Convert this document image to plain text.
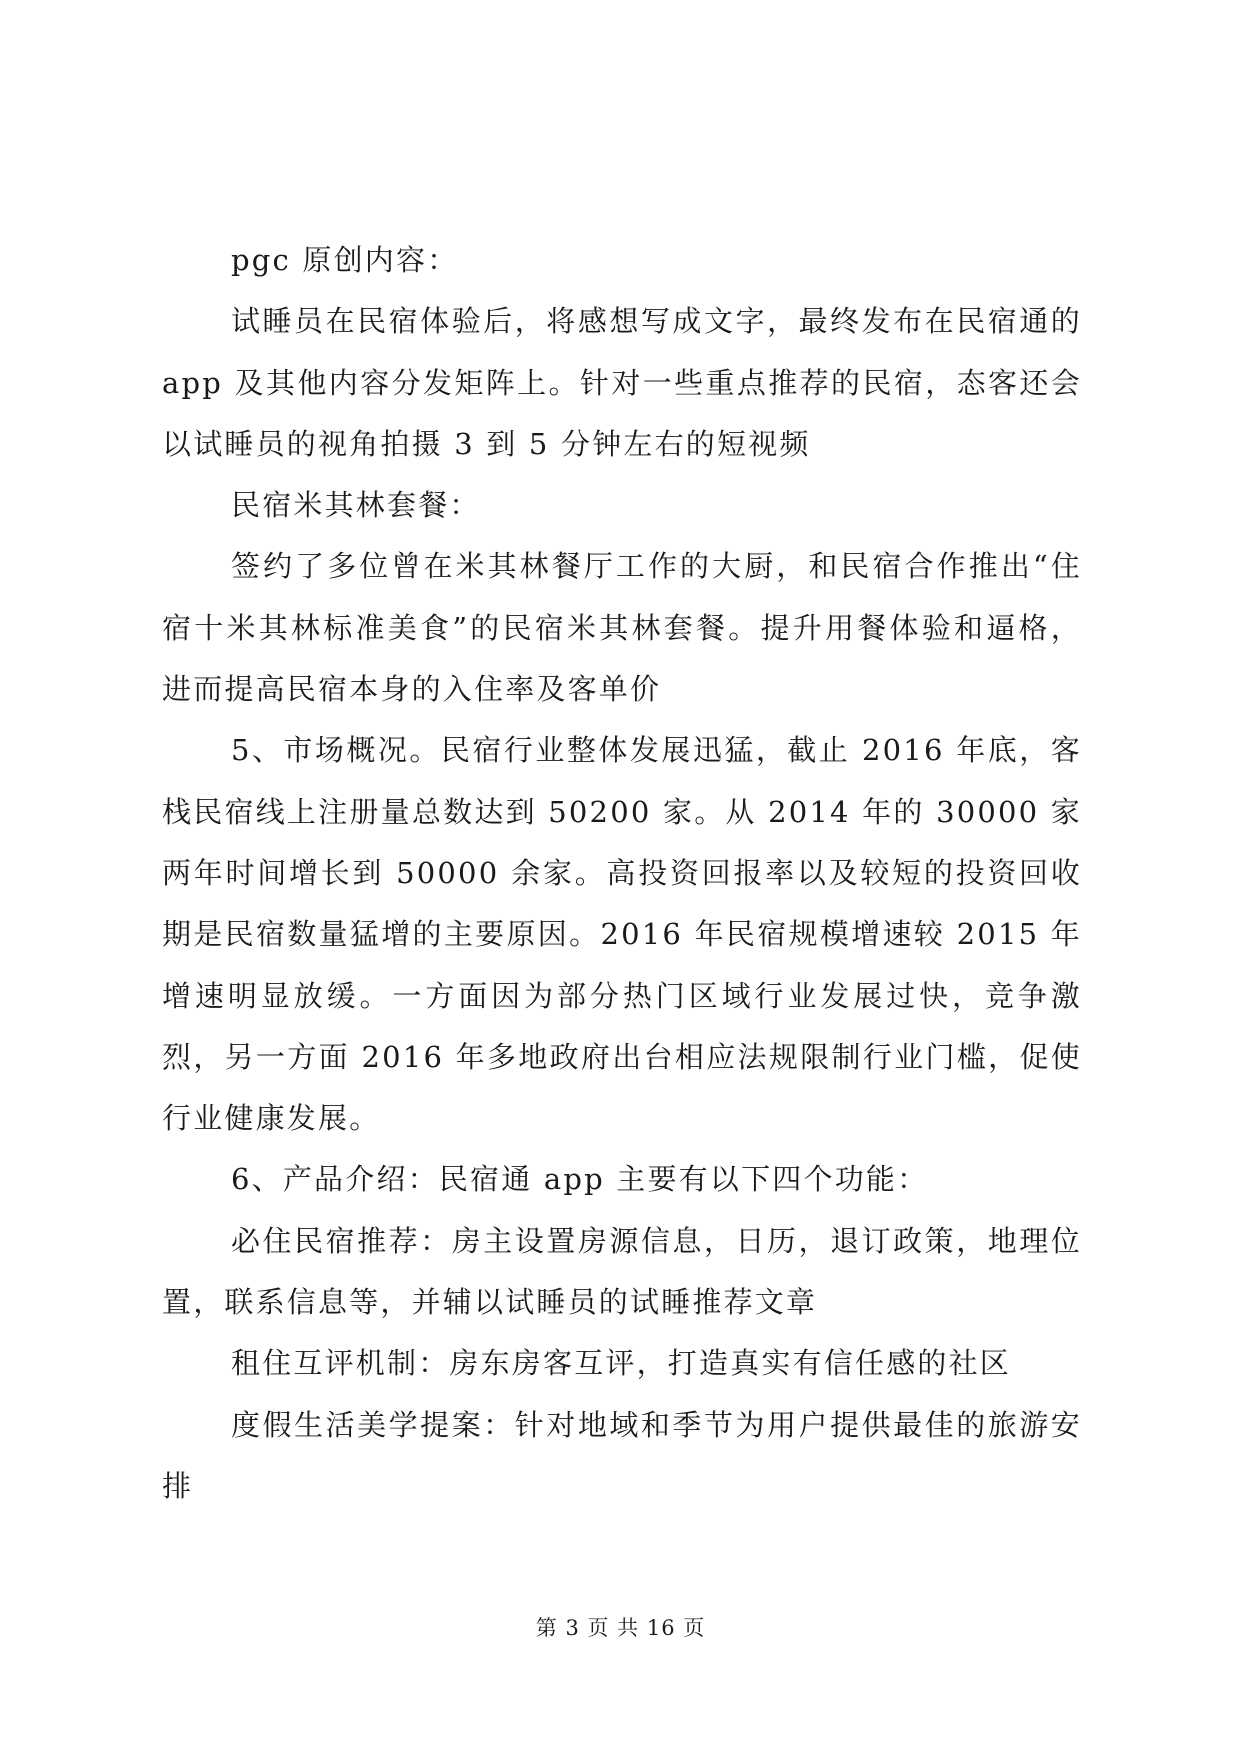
pgc 原创内容：

试睡员在民宿体验后，将感想写成文字，最终发布在民宿通的 app 及其他内容分发矩阵上。针对一些重点推荐的民宿，态客还会以试睡员的视角拍摄 3 到 5 分钟左右的短视频

民宿米其林套餐：

签约了多位曾在米其林餐厅工作的大厨，和民宿合作推出“住宿十米其林标准美食”的民宿米其林套餐。提升用餐体验和逼格，进而提高民宿本身的入住率及客单价

5、市场概况。民宿行业整体发展迅猛，截止 2016 年底，客栈民宿线上注册量总数达到 50200 家。从 2014 年的 30000 家两年时间增长到 50000 余家。高投资回报率以及较短的投资回收期是民宿数量猛增的主要原因。2016 年民宿规模增速较 2015 年增速明显放缓。一方面因为部分热门区域行业发展过快，竞争激烈，另一方面 2016 年多地政府出台相应法规限制行业门槛，促使行业健康发展。

6、产品介绍：民宿通 app 主要有以下四个功能：

必住民宿推荐：房主设置房源信息，日历，退订政策，地理位置，联系信息等，并辅以试睡员的试睡推荐文章

租住互评机制：房东房客互评，打造真实有信任感的社区

度假生活美学提案：针对地域和季节为用户提供最佳的旅游安排

第 3 页 共 16 页
